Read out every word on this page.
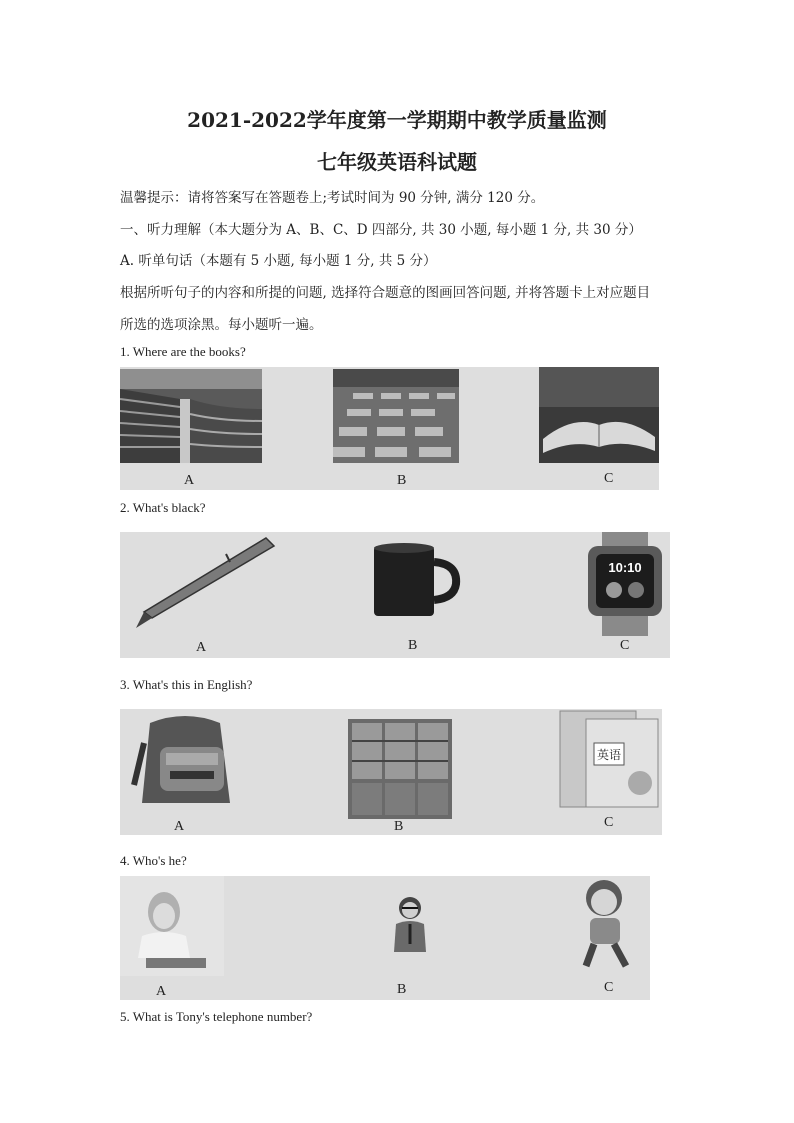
2021-2022学年度第一学期期中教学质量监测
七年级英语科试题
温馨提示：请将答案写在答题卷上;考试时间为 90 分钟, 满分 120 分。
一、听力理解（本大题分为 A、B、C、D 四部分, 共 30 小题, 每小题 1 分, 共 30 分）
A. 听单句话（本题有 5 小题, 每小题 1 分, 共 5 分）
根据所听句子的内容和所提的问题, 选择符合题意的图画回答问题, 并将答题卡上对应题目
所选的选项涂黑。每小题听一遍。
1. Where are the books?
A	B	C
2. What's black?
A	B
10:10
C
3. What's this in English?
A	B
英语
C
4. Who's he?
A	B	C
5. What is Tony's telephone number?
